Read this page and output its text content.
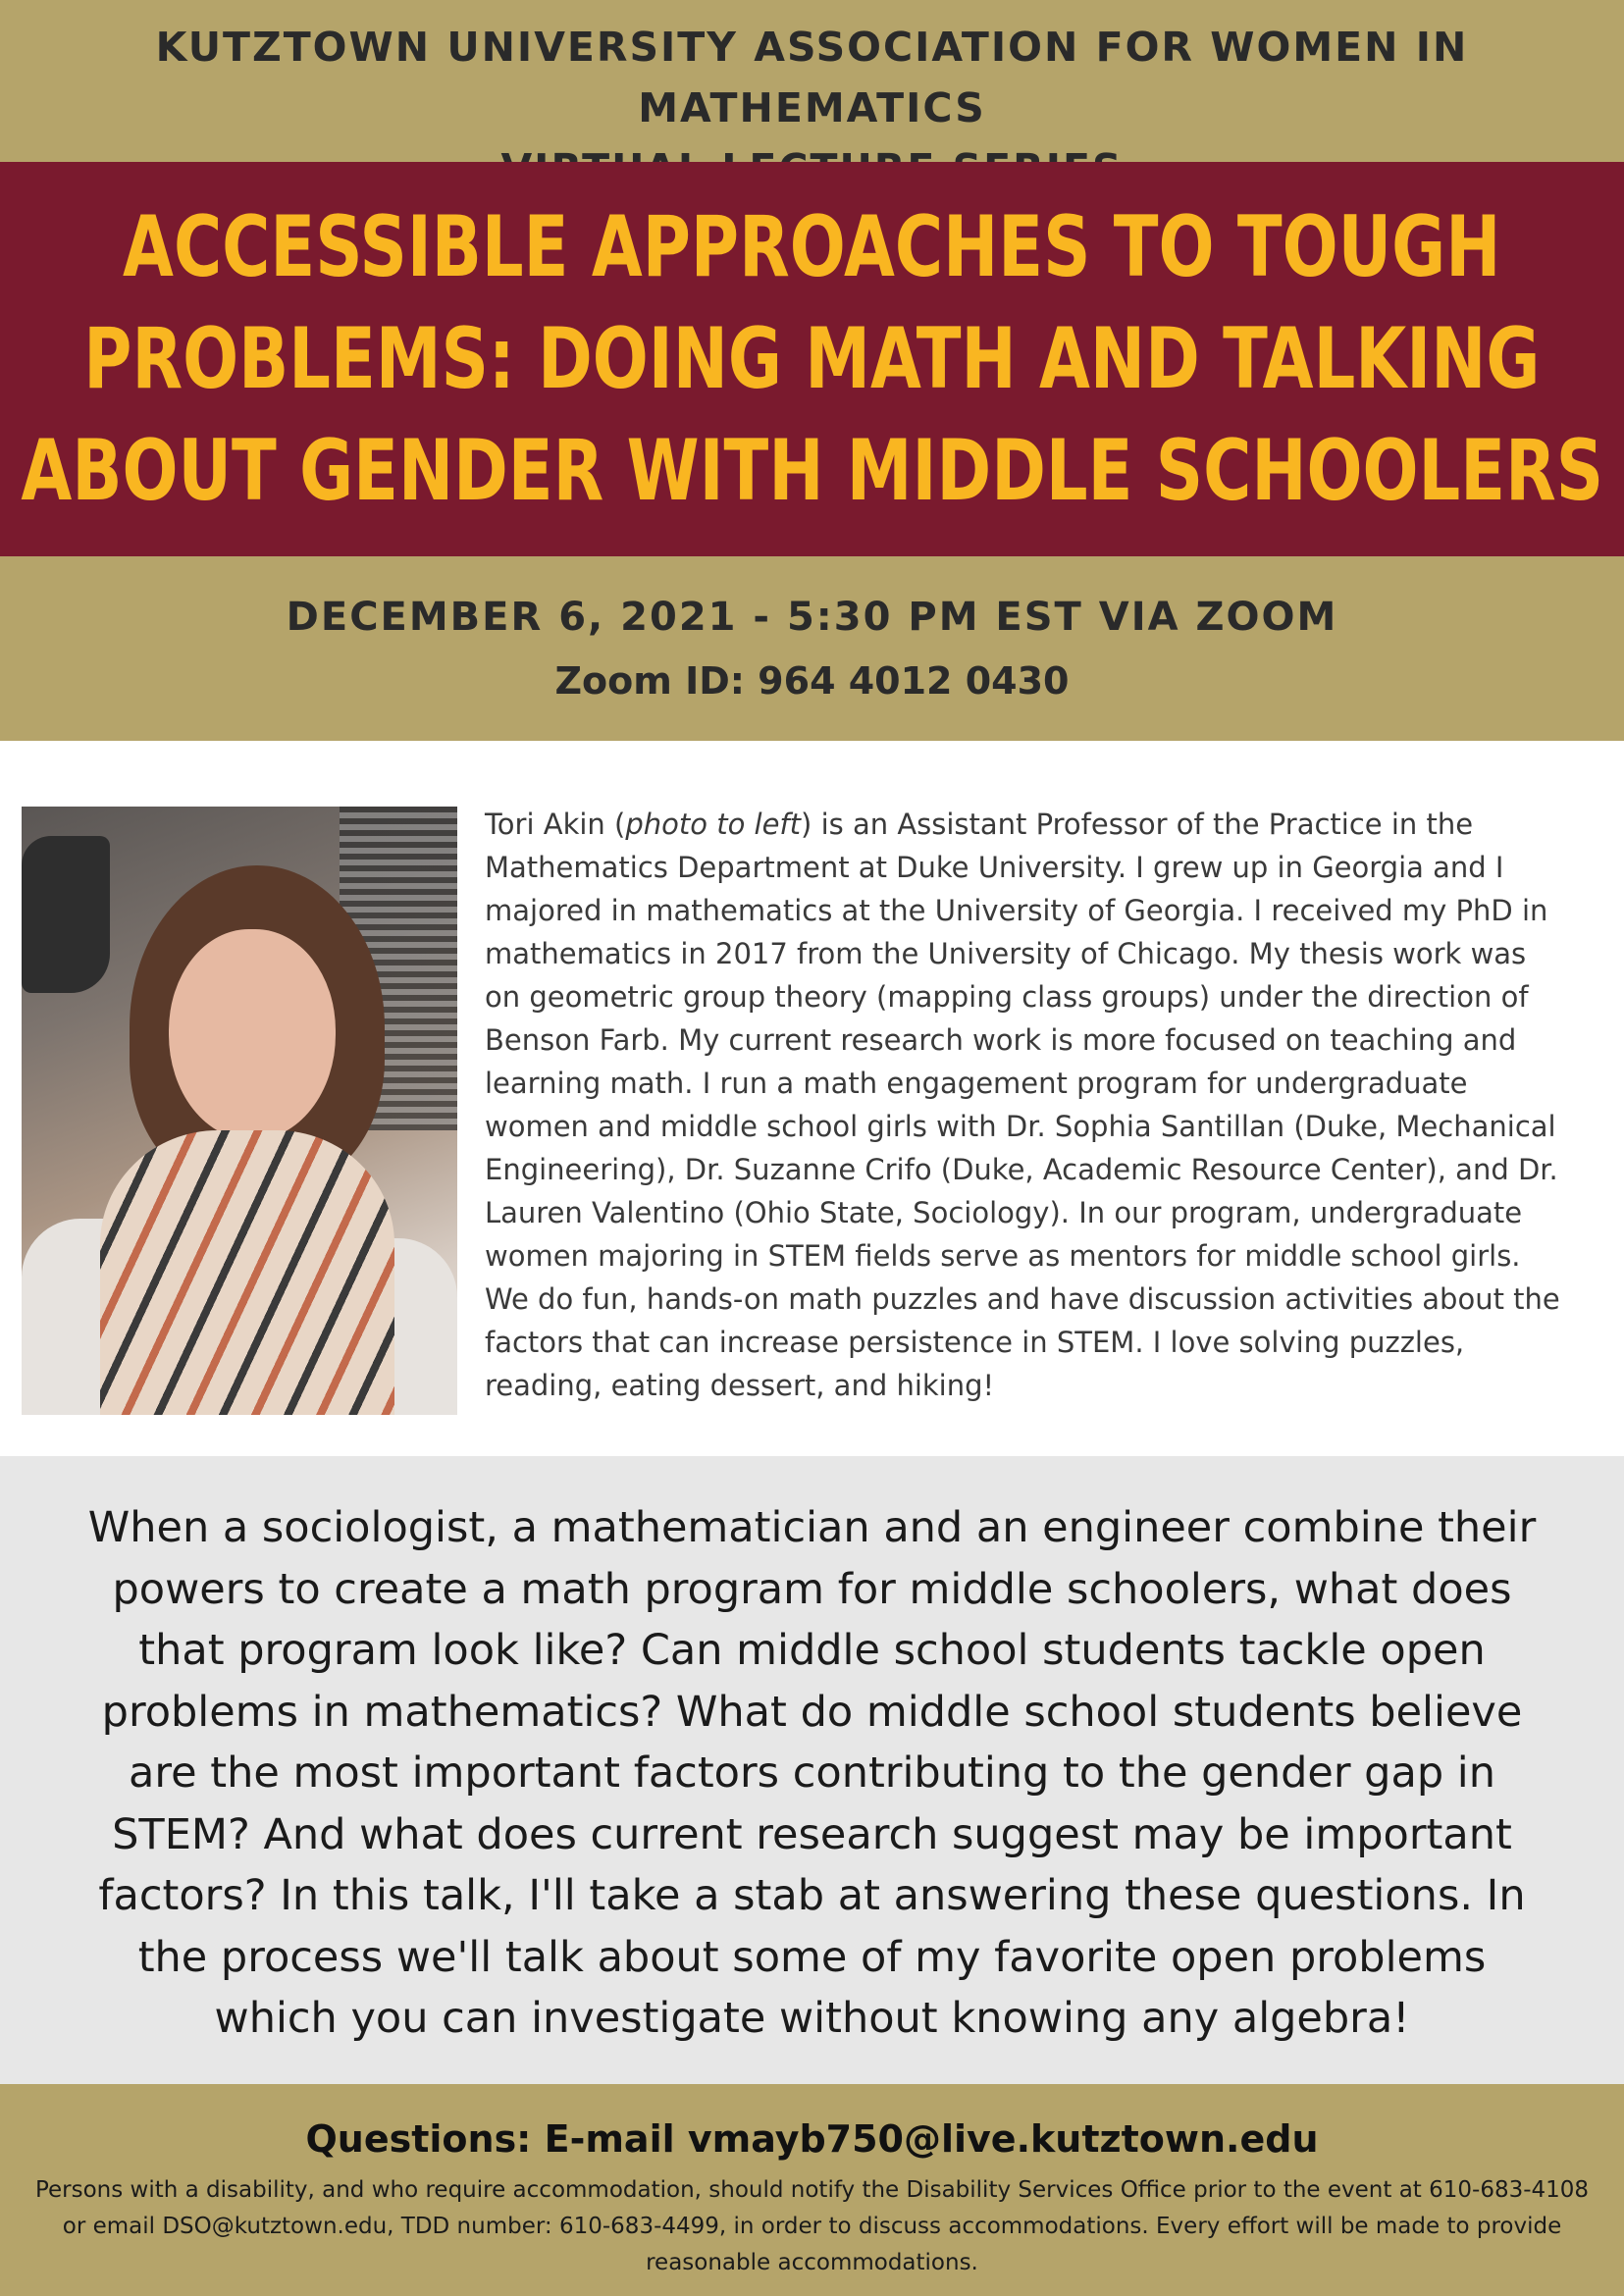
KUTZTOWN UNIVERSITY ASSOCIATION FOR WOMEN IN MATHEMATICS
ACCESSIBLE APPROACHES TO TOUGH
PROBLEMS: DOING MATH AND TALKING
ABOUT GENDER WITH MIDDLE SCHOOLERS
DECEMBER 6, 2021 - 5:30 PM EST VIA ZOOM
Zoom ID: 964 4012 0430
Tori Akin (photo to left) is an Assistant Professor of the Practice in the
Mathematics Department at Duke University. I grew up in Georgia and I
majored in mathematics at the University of Georgia. I received my PhD in
mathematics in 2017 from the University of Chicago. My thesis work was
on geometric group theory (mapping class groups) under the direction of
Benson Farb. My current research work is more focused on teaching and
learning math. I run a math engagement program for undergraduate
women and middle school girls with Dr. Sophia Santillan (Duke, Mechanical
Engineering), Dr. Suzanne Crifo (Duke, Academic Resource Center), and Dr.
Lauren Valentino (Ohio State, Sociology). In our program, undergraduate
women majoring in STEM fields serve as mentors for middle school girls.
We do fun, hands-on math puzzles and have discussion activities about the
factors that can increase persistence in STEM. I love solving puzzles,
reading, eating dessert, and hiking!
When a sociologist, a mathematician and an engineer combine their
powers to create a math program for middle schoolers, what does
that program look like? Can middle school students tackle open
problems in mathematics? What do middle school students believe
are the most important factors contributing to the gender gap in
STEM? And what does current research suggest may be important
factors? In this talk, I'll take a stab at answering these questions. In
the process we'll talk about some of my favorite open problems
which you can investigate without knowing any algebra!
Questions: E-mail vmayb750@live.kutztown.edu
Persons with a disability, and who require accommodation, should notify the Disability Services Office prior to the event at 610-683-4108
or email DSO@kutztown.edu, TDD number: 610-683-4499, in order to discuss accommodations. Every effort will be made to provide
reasonable accommodations.
